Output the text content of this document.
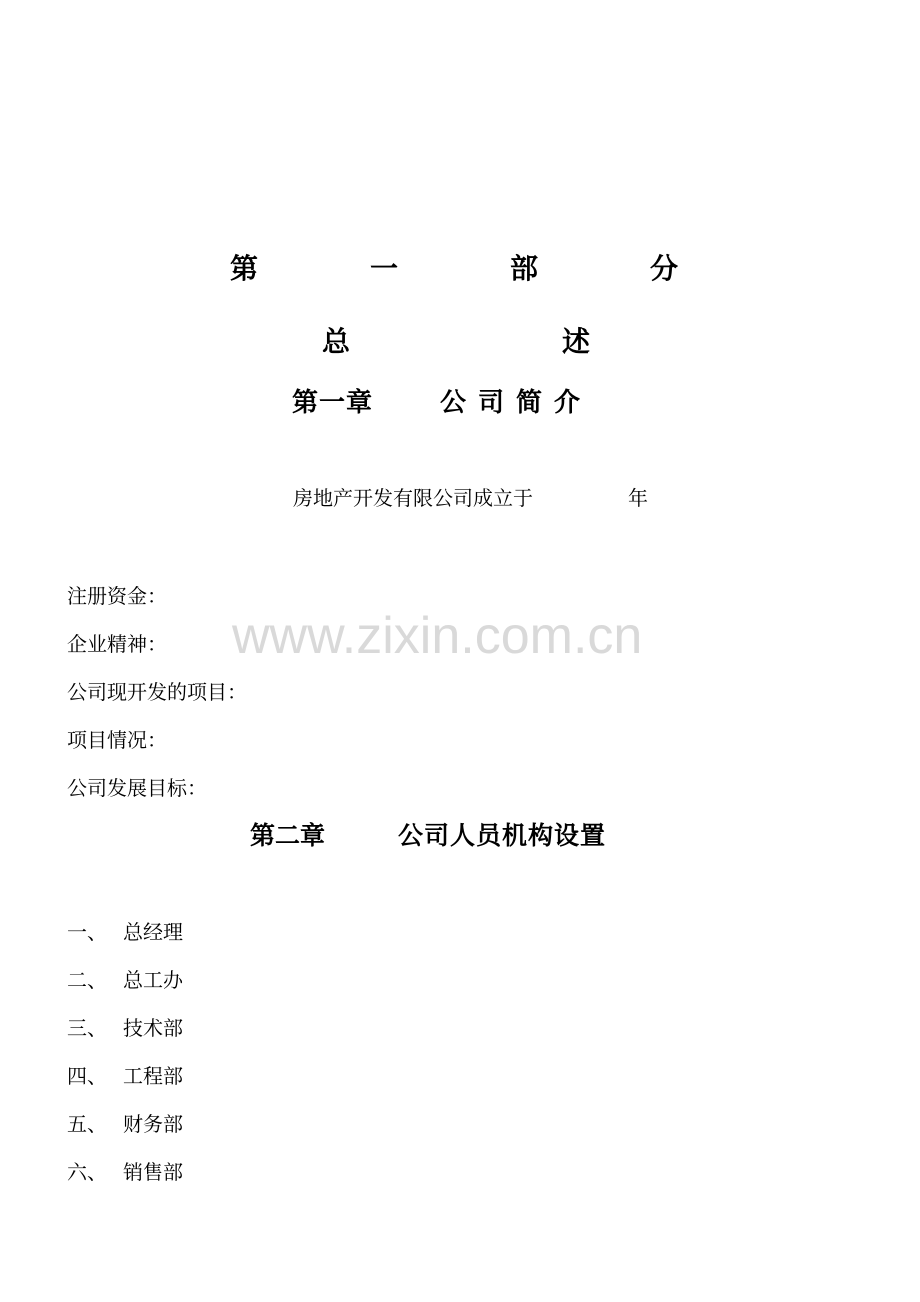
第	一	部	分
总	述
第一章	公司简介
房地产开发有限公司成立于	年
www.zixin.com.cn
注册资金：
企业精神：
公司现开发的项目：
项目情况：
公司发展目标：
第二章	公司人员机构设置
一、 总经理
二、 总工办
三、 技术部
四、 工程部
五、 财务部
六、 销售部
